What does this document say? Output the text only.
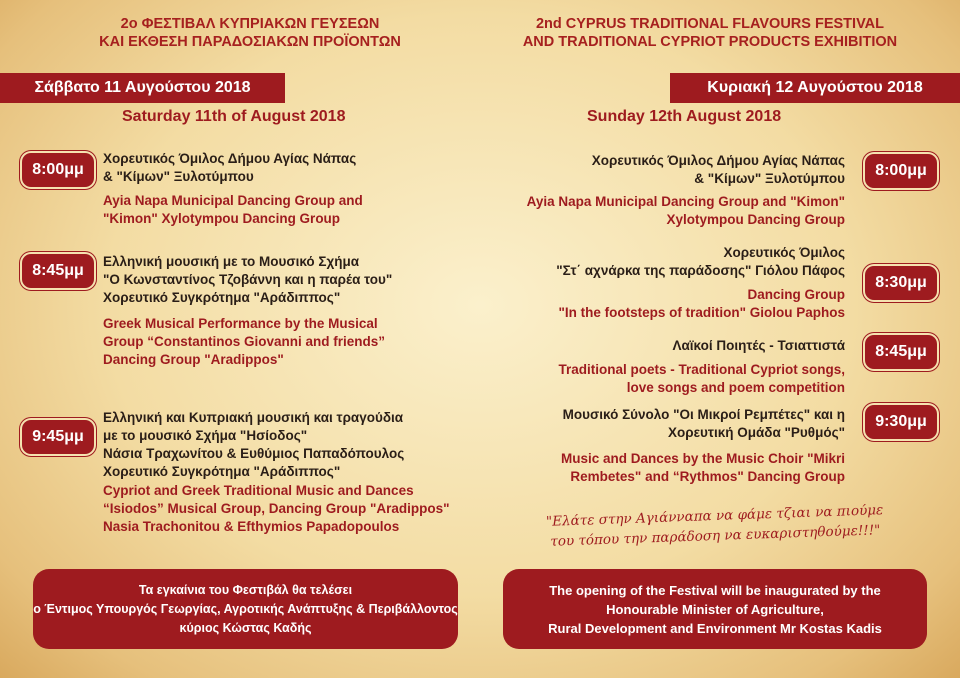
2ο ΦΕΣΤΙΒΑΛ ΚΥΠΡΙΑΚΩΝ ΓΕΥΣΕΩΝ
ΚΑΙ ΕΚΘΕΣΗ ΠΑΡΑΔΟΣΙΑΚΩΝ ΠΡΟΪΟΝΤΩΝ
Σάββατο 11 Αυγούστου 2018
Saturday 11th of August 2018
8:00μμ
Χορευτικός Όμιλος Δήμου Αγίας Νάπας
& "Κίμων" Ξυλοτύμπου
Ayia Napa Municipal Dancing Group and
"Kimon" Xylotympou Dancing Group
8:45μμ
Ελληνική μουσική με το Μουσικό Σχήμα
"Ο Κωνσταντίνος Τζοβάννη και η παρέα του"
Χορευτικό Συγκρότημα "Αράδιππος"
Greek Musical Performance by the Musical
Group “Constantinos Giovanni and friends”
Dancing Group "Aradippos"
9:45μμ
Ελληνική και Κυπριακή μουσική και τραγούδια
με το μουσικό Σχήμα "Ησίοδος"
Νάσια Τραχωνίτου & Ευθύμιος Παπαδόπουλος
Χορευτικό Συγκρότημα "Αράδιππος"
Cypriot and Greek Traditional Music and Dances
“Isiodos” Musical Group, Dancing Group "Aradippos"
Nasia Trachonitou & Efthymios Papadopoulos
Τα εγκαίνια του Φεστιβάλ θα τελέσει
ο Έντιμος Υπουργός Γεωργίας, Αγροτικής Ανάπτυξης & Περιβάλλοντος
κύριος Κώστας Καδής
2nd CYPRUS TRADITIONAL FLAVOURS FESTIVAL
AND TRADITIONAL CYPRIOT PRODUCTS EXHIBITION
Κυριακή 12 Αυγούστου 2018
Sunday 12th August 2018
Χορευτικός Όμιλος Δήμου Αγίας Νάπας
& "Κίμων" Ξυλοτύμπου
Ayia Napa Municipal Dancing Group and "Kimon"
Xylotympou Dancing Group
8:00μμ
Χορευτικός Όμιλος
"Στ΄ αχνάρκα της παράδοσης" Γιόλου Πάφος
Dancing Group
"In the footsteps of tradition" Giolou Paphos
8:30μμ
Λαϊκοί Ποιητές - Τσιαττιστά
Traditional poets - Traditional Cypriot songs,
love songs and poem competition
8:45μμ
Μουσικό Σύνολο "Οι Μικροί Ρεμπέτες" και η
Χορευτική Ομάδα "Ρυθμός"
Music and Dances by the Music Choir "Mikri
Rembetes" and “Rythmos" Dancing Group
9:30μμ
"Ελάτε στην Αγιάνναπα να φάμε τζιαι να πιούμε
του τόπου την παράδοση να ευκαριστηθούμε!!!"
The opening of the Festival will be inaugurated by the
Honourable Minister of Agriculture,
Rural Development and Environment Mr Kostas Kadis
